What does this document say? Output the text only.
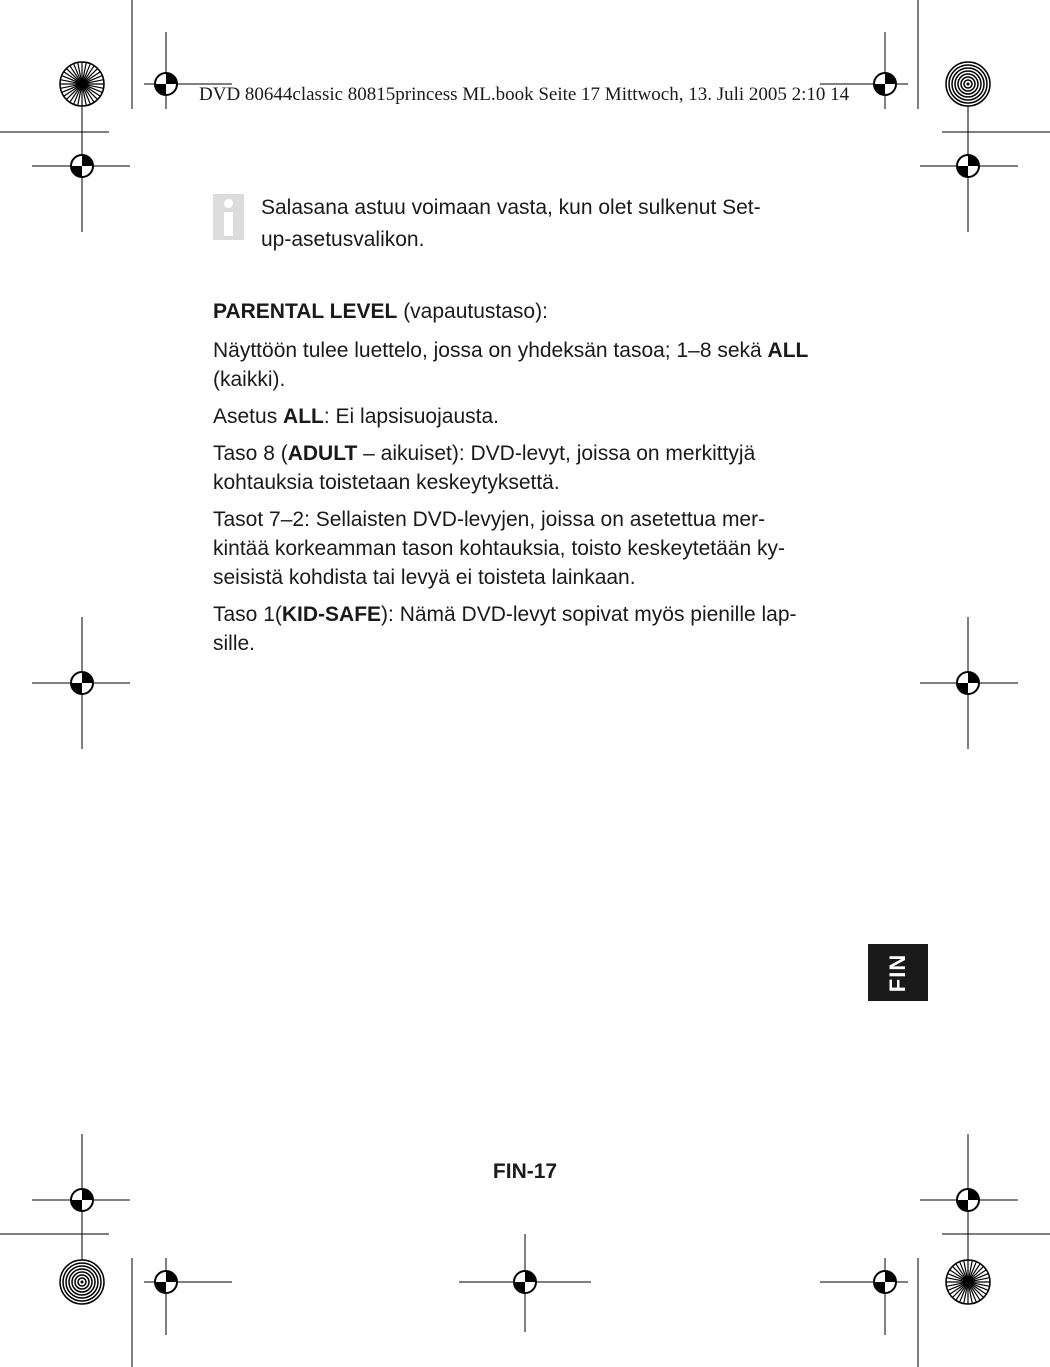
DVD 80644classic 80815princess ML.book Seite 17 Mittwoch, 13. Juli 2005 2:10 14
Salasana astuu voimaan vasta, kun olet sulkenut Set-
up-asetusvalikon.

PARENTAL LEVEL (vapautustaso):

Näyttöön tulee luettelo, jossa on yhdeksän tasoa; 1–8 sekä ALL (kaikki).

Asetus ALL: Ei lapsisuojausta.

Taso 8 (ADULT – aikuiset): DVD-levyt, joissa on merkittyjä
kohtauksia toistetaan keskeytyksettä.

Tasot 7–2: Sellaisten DVD-levyjen, joissa on asetettua mer-
kintää korkeamman tason kohtauksia, toisto keskeytetään ky-
seisistä kohdista tai levyä ei toisteta lainkaan.

Taso 1(KID-SAFE): Nämä DVD-levyt sopivat myös pienille lap-
sille.

FIN
FIN-17
